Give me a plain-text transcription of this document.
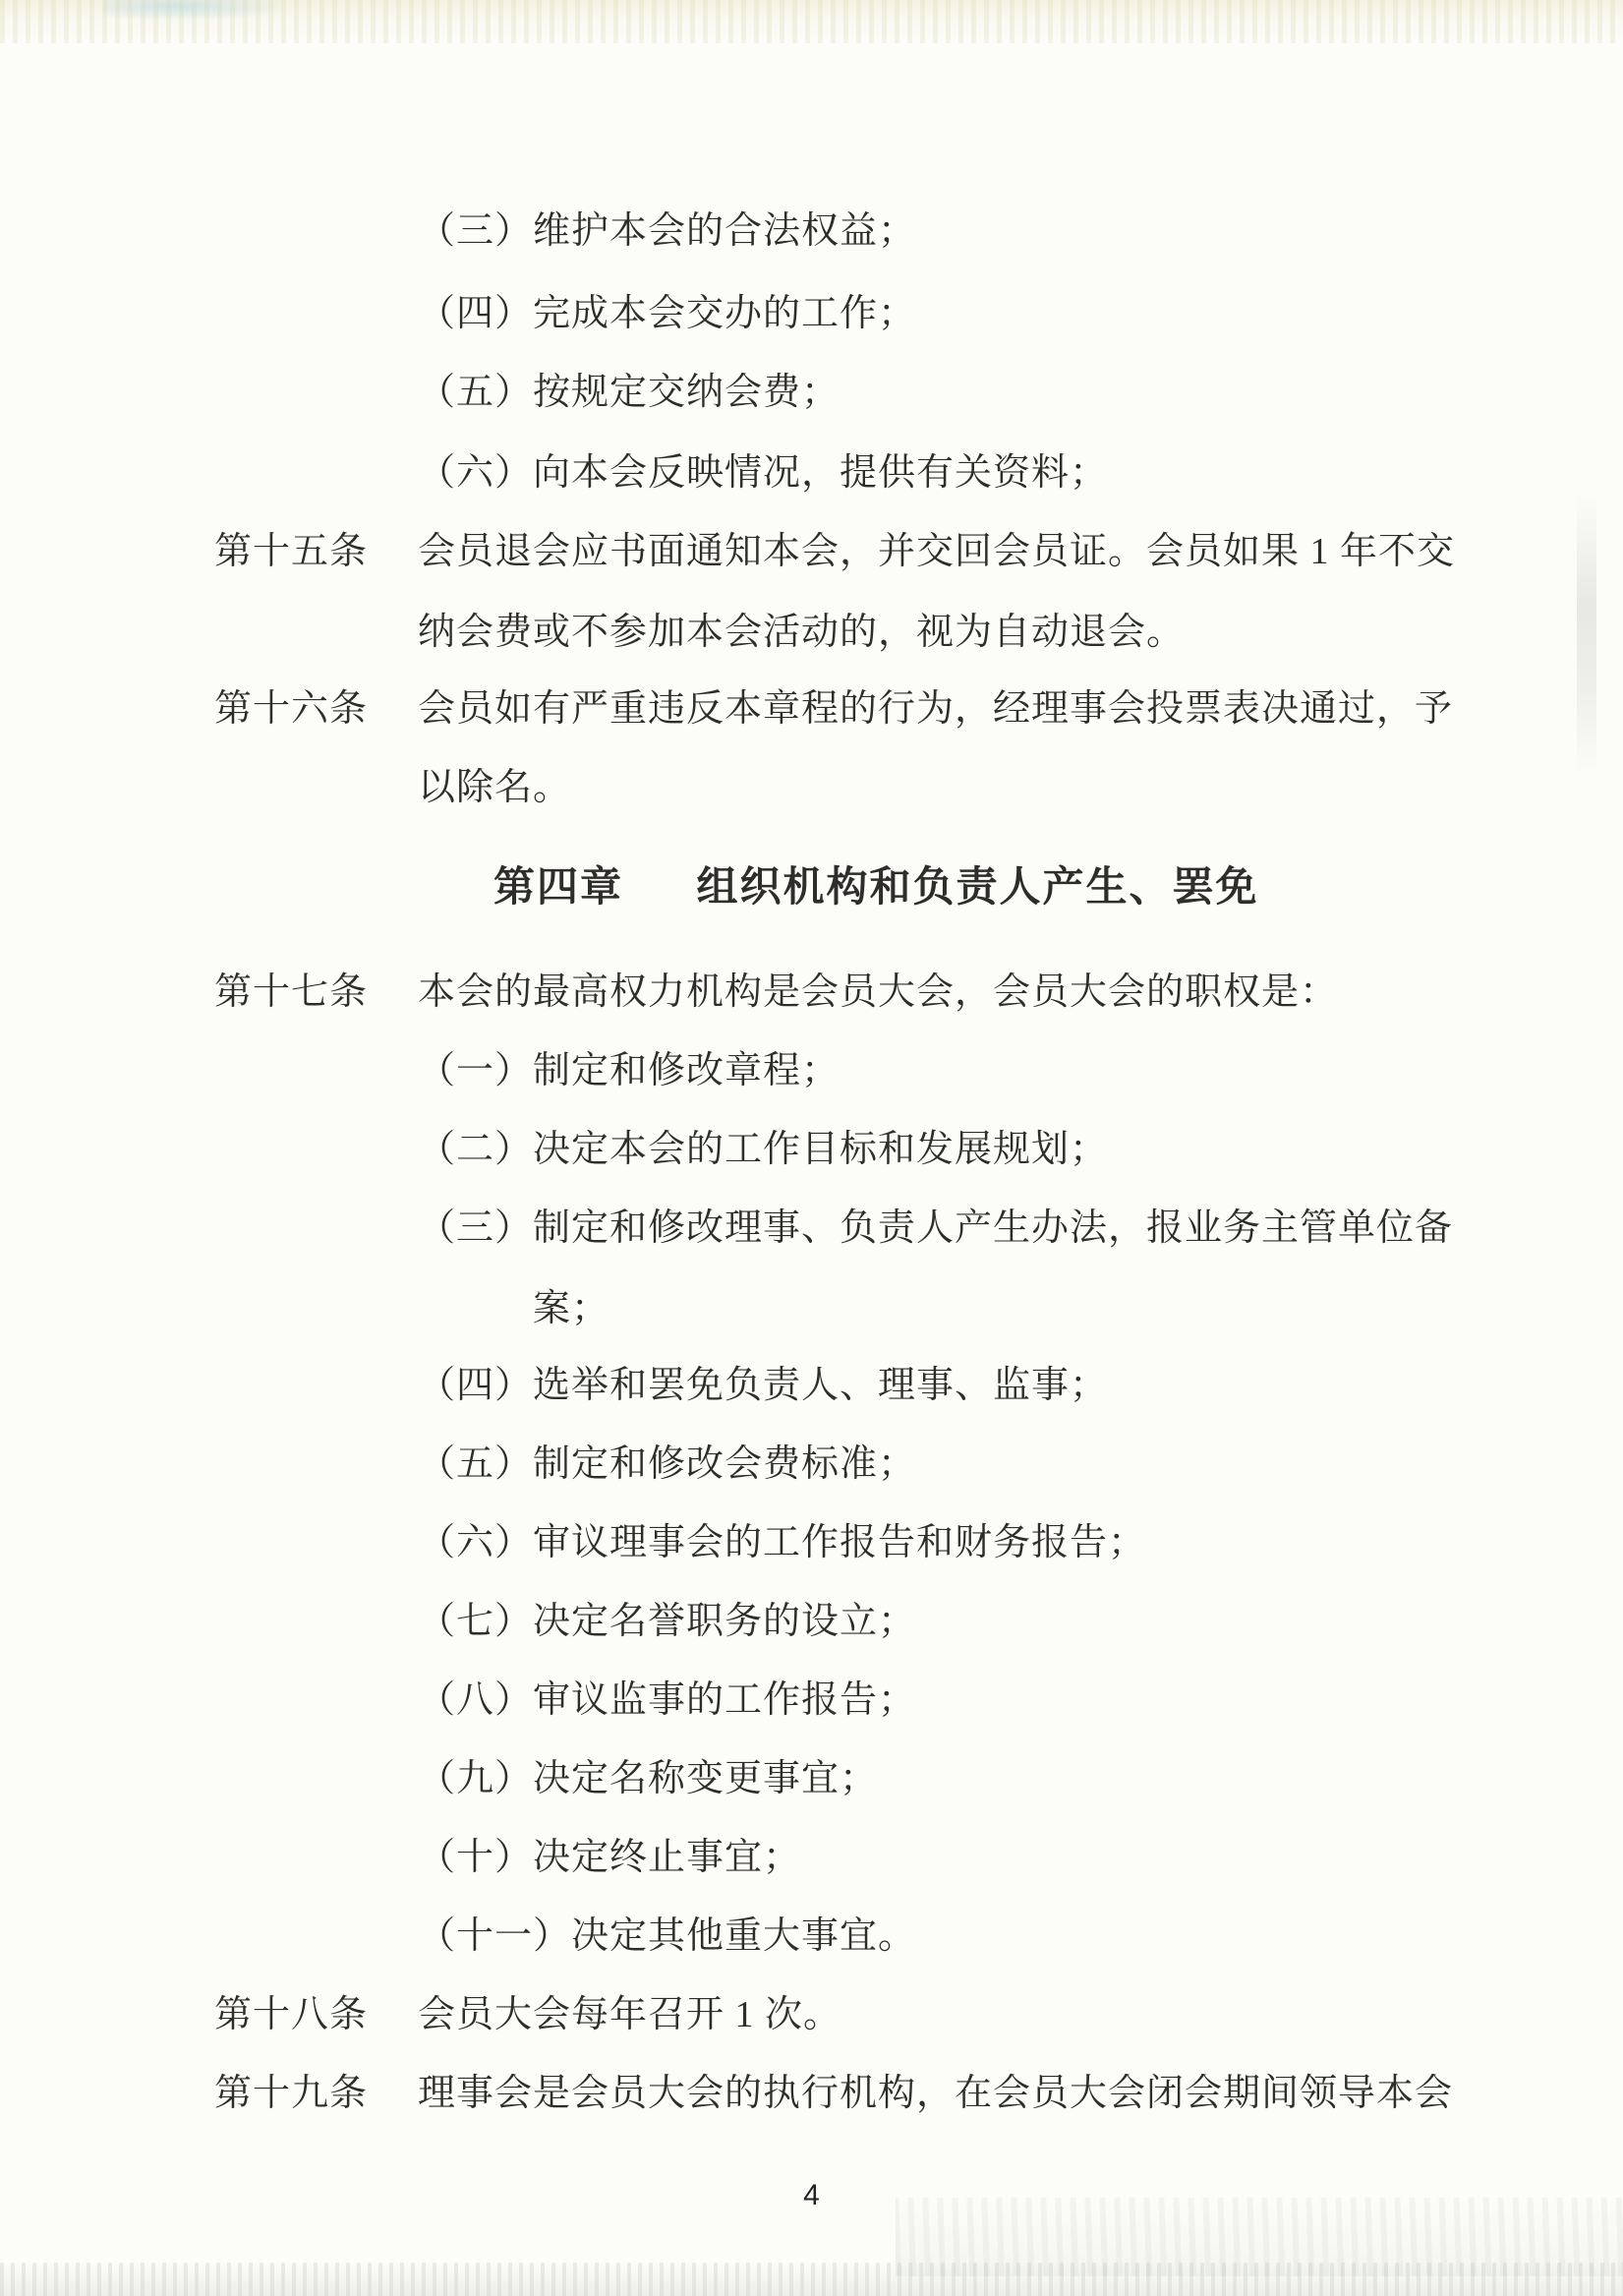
（三）维护本会的合法权益；
（四）完成本会交办的工作；
（五）按规定交纳会费；
（六）向本会反映情况，提供有关资料；
第十五条	会员退会应书面通知本会，并交回会员证。会员如果 1 年不交
纳会费或不参加本会活动的，视为自动退会。
第十六条	会员如有严重违反本章程的行为，经理事会投票表决通过，予
以除名。
第四章 组织机构和负责人产生、罢免
第十七条	本会的最高权力机构是会员大会，会员大会的职权是：
（一）制定和修改章程；
（二）决定本会的工作目标和发展规划；
（三）制定和修改理事、负责人产生办法，报业务主管单位备
案；
（四）选举和罢免负责人、理事、监事；
（五）制定和修改会费标准；
（六）审议理事会的工作报告和财务报告；
（七）决定名誉职务的设立；
（八）审议监事的工作报告；
（九）决定名称变更事宜；
（十）决定终止事宜；
（十一）决定其他重大事宜。
第十八条	会员大会每年召开 1 次。
第十九条	理事会是会员大会的执行机构，在会员大会闭会期间领导本会
4
